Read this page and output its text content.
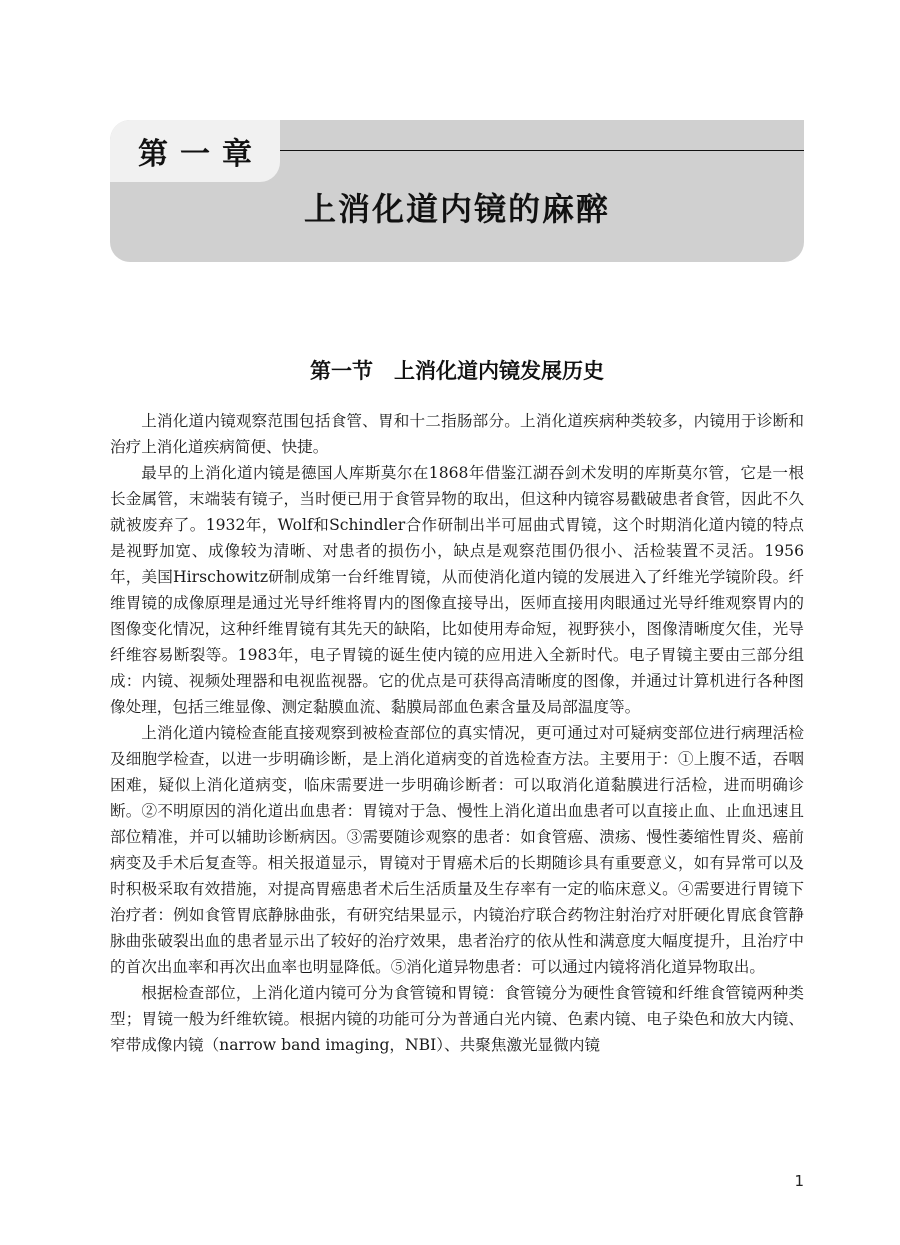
第一章
上消化道内镜的麻醉
第一节　上消化道内镜发展历史

上消化道内镜观察范围包括食管、胃和十二指肠部分。上消化道疾病种类较多，内镜用于诊断和治疗上消化道疾病简便、快捷。

最早的上消化道内镜是德国人库斯莫尔在1868年借鉴江湖吞剑术发明的库斯莫尔管，它是一根长金属管，末端装有镜子，当时便已用于食管异物的取出，但这种内镜容易戳破患者食管，因此不久就被废弃了。1932年，Wolf和Schindler合作研制出半可屈曲式胃镜，这个时期消化道内镜的特点是视野加宽、成像较为清晰、对患者的损伤小，缺点是观察范围仍很小、活检装置不灵活。1956年，美国Hirschowitz研制成第一台纤维胃镜，从而使消化道内镜的发展进入了纤维光学镜阶段。纤维胃镜的成像原理是通过光导纤维将胃内的图像直接导出，医师直接用肉眼通过光导纤维观察胃内的图像变化情况，这种纤维胃镜有其先天的缺陷，比如使用寿命短，视野狭小，图像清晰度欠佳，光导纤维容易断裂等。1983年，电子胃镜的诞生使内镜的应用进入全新时代。电子胃镜主要由三部分组成：内镜、视频处理器和电视监视器。它的优点是可获得高清晰度的图像，并通过计算机进行各种图像处理，包括三维显像、测定黏膜血流、黏膜局部血色素含量及局部温度等。

上消化道内镜检查能直接观察到被检查部位的真实情况，更可通过对可疑病变部位进行病理活检及细胞学检查，以进一步明确诊断，是上消化道病变的首选检查方法。主要用于：①上腹不适，吞咽困难，疑似上消化道病变，临床需要进一步明确诊断者：可以取消化道黏膜进行活检，进而明确诊断。②不明原因的消化道出血患者：胃镜对于急、慢性上消化道出血患者可以直接止血、止血迅速且部位精准，并可以辅助诊断病因。③需要随诊观察的患者：如食管癌、溃疡、慢性萎缩性胃炎、癌前病变及手术后复查等。相关报道显示，胃镜对于胃癌术后的长期随诊具有重要意义，如有异常可以及时积极采取有效措施，对提高胃癌患者术后生活质量及生存率有一定的临床意义。④需要进行胃镜下治疗者：例如食管胃底静脉曲张，有研究结果显示，内镜治疗联合药物注射治疗对肝硬化胃底食管静脉曲张破裂出血的患者显示出了较好的治疗效果，患者治疗的依从性和满意度大幅度提升，且治疗中的首次出血率和再次出血率也明显降低。⑤消化道异物患者：可以通过内镜将消化道异物取出。

根据检查部位，上消化道内镜可分为食管镜和胃镜：食管镜分为硬性食管镜和纤维食管镜两种类型；胃镜一般为纤维软镜。根据内镜的功能可分为普通白光内镜、色素内镜、电子染色和放大内镜、窄带成像内镜（narrow band imaging，NBI）、共聚焦激光显微内镜

1
